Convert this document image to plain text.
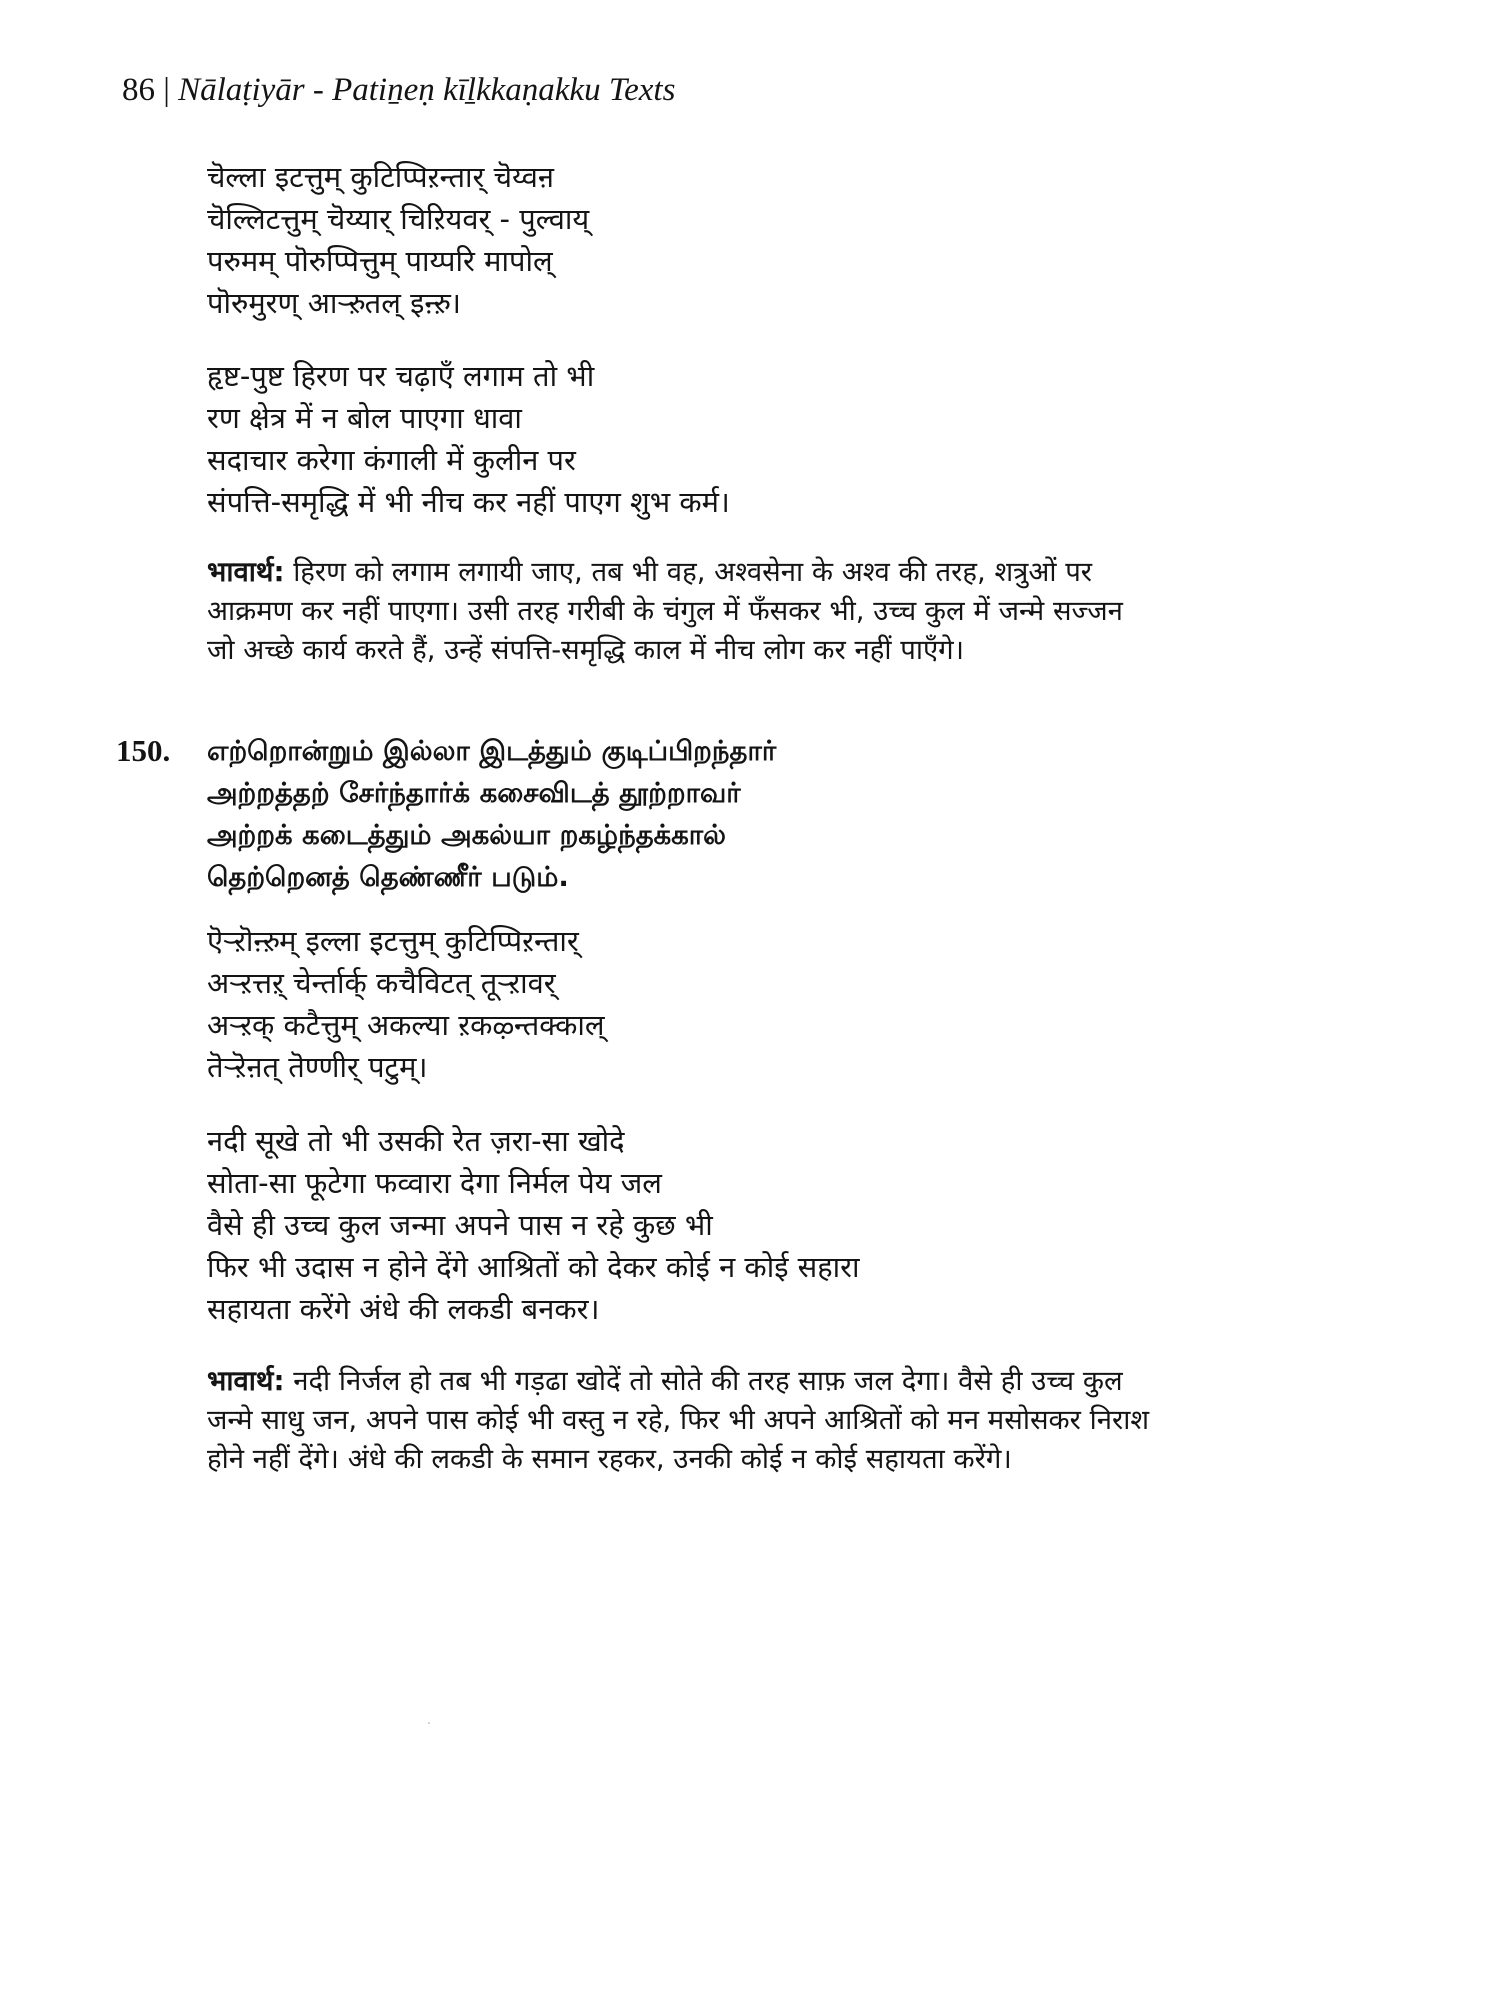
86 | Nālaṭiyār - Patiṉeṇ kīḻkkaṇakku Texts
चॆल्ला इटत्तुम् कुटिप्पिऱन्तार् चॆय्वऩ
चॆल्लिटत्तुम् चॆय्यार् चिऱियवर् - पुल्वाय्
परुमम् पॊरुप्पित्तुम् पाय्परि मापोल्
पॊरुमुरण् आऱ्ऱुतल् इऩ्ऱु।
हृष्ट-पुष्ट हिरण पर चढ़ाएँ लगाम तो भी
रण क्षेत्र में न बोल पाएगा धावा
सदाचार करेगा कंगाली में कुलीन पर
संपत्ति-समृद्धि में भी नीच कर नहीं पाएग शुभ कर्म।
भावार्थ: हिरण को लगाम लगायी जाए, तब भी वह, अश्वसेना के अश्व की तरह, शत्रुओं पर
आक्रमण कर नहीं पाएगा। उसी तरह गरीबी के चंगुल में फँसकर भी, उच्च कुल में जन्मे सज्जन
जो अच्छे कार्य करते हैं, उन्हें संपत्ति-समृद्धि काल में नीच लोग कर नहीं पाएँगे।
150. எற்றொன்றும் இல்லா இடத்தும் குடிப்பிறந்தார்
அற்றத்தற் சேர்ந்தார்க் கசைவிடத் தூற்றாவர்
அற்றக் கடைத்தும் அகல்யா றகழ்ந்தக்கால்
தெற்றெனத் தெண்ணீர் படும்.
ऎऱ्ऱॊऩ्ऱुम् इल्ला इटत्तुम् कुटिप्पिऱन्तार्
अऱ्ऱत्तऱ् चेर्न्तार्क् कचैविटत् तूऱ्ऱावर्
अऱ्ऱक् कटैत्तुम् अकल्या ऱकऴ्न्तक्काल्
तॆऱ्ऱॆऩत् तॆण्णीर् पटुम्।
नदी सूखे तो भी उसकी रेत ज़रा-सा खोदे
सोता-सा फूटेगा फव्वारा देगा निर्मल पेय जल
वैसे ही उच्च कुल जन्मा अपने पास न रहे कुछ भी
फिर भी उदास न होने देंगे आश्रितों को देकर कोई न कोई सहारा
सहायता करेंगे अंधे की लकडी बनकर।
भावार्थ: नदी निर्जल हो तब भी गड़ढा खोदें तो सोते की तरह साफ़ जल देगा। वैसे ही उच्च कुल
जन्मे साधु जन, अपने पास कोई भी वस्तु न रहे, फिर भी अपने आश्रितों को मन मसोसकर निराश
होने नहीं देंगे। अंधे की लकडी के समान रहकर, उनकी कोई न कोई सहायता करेंगे।
